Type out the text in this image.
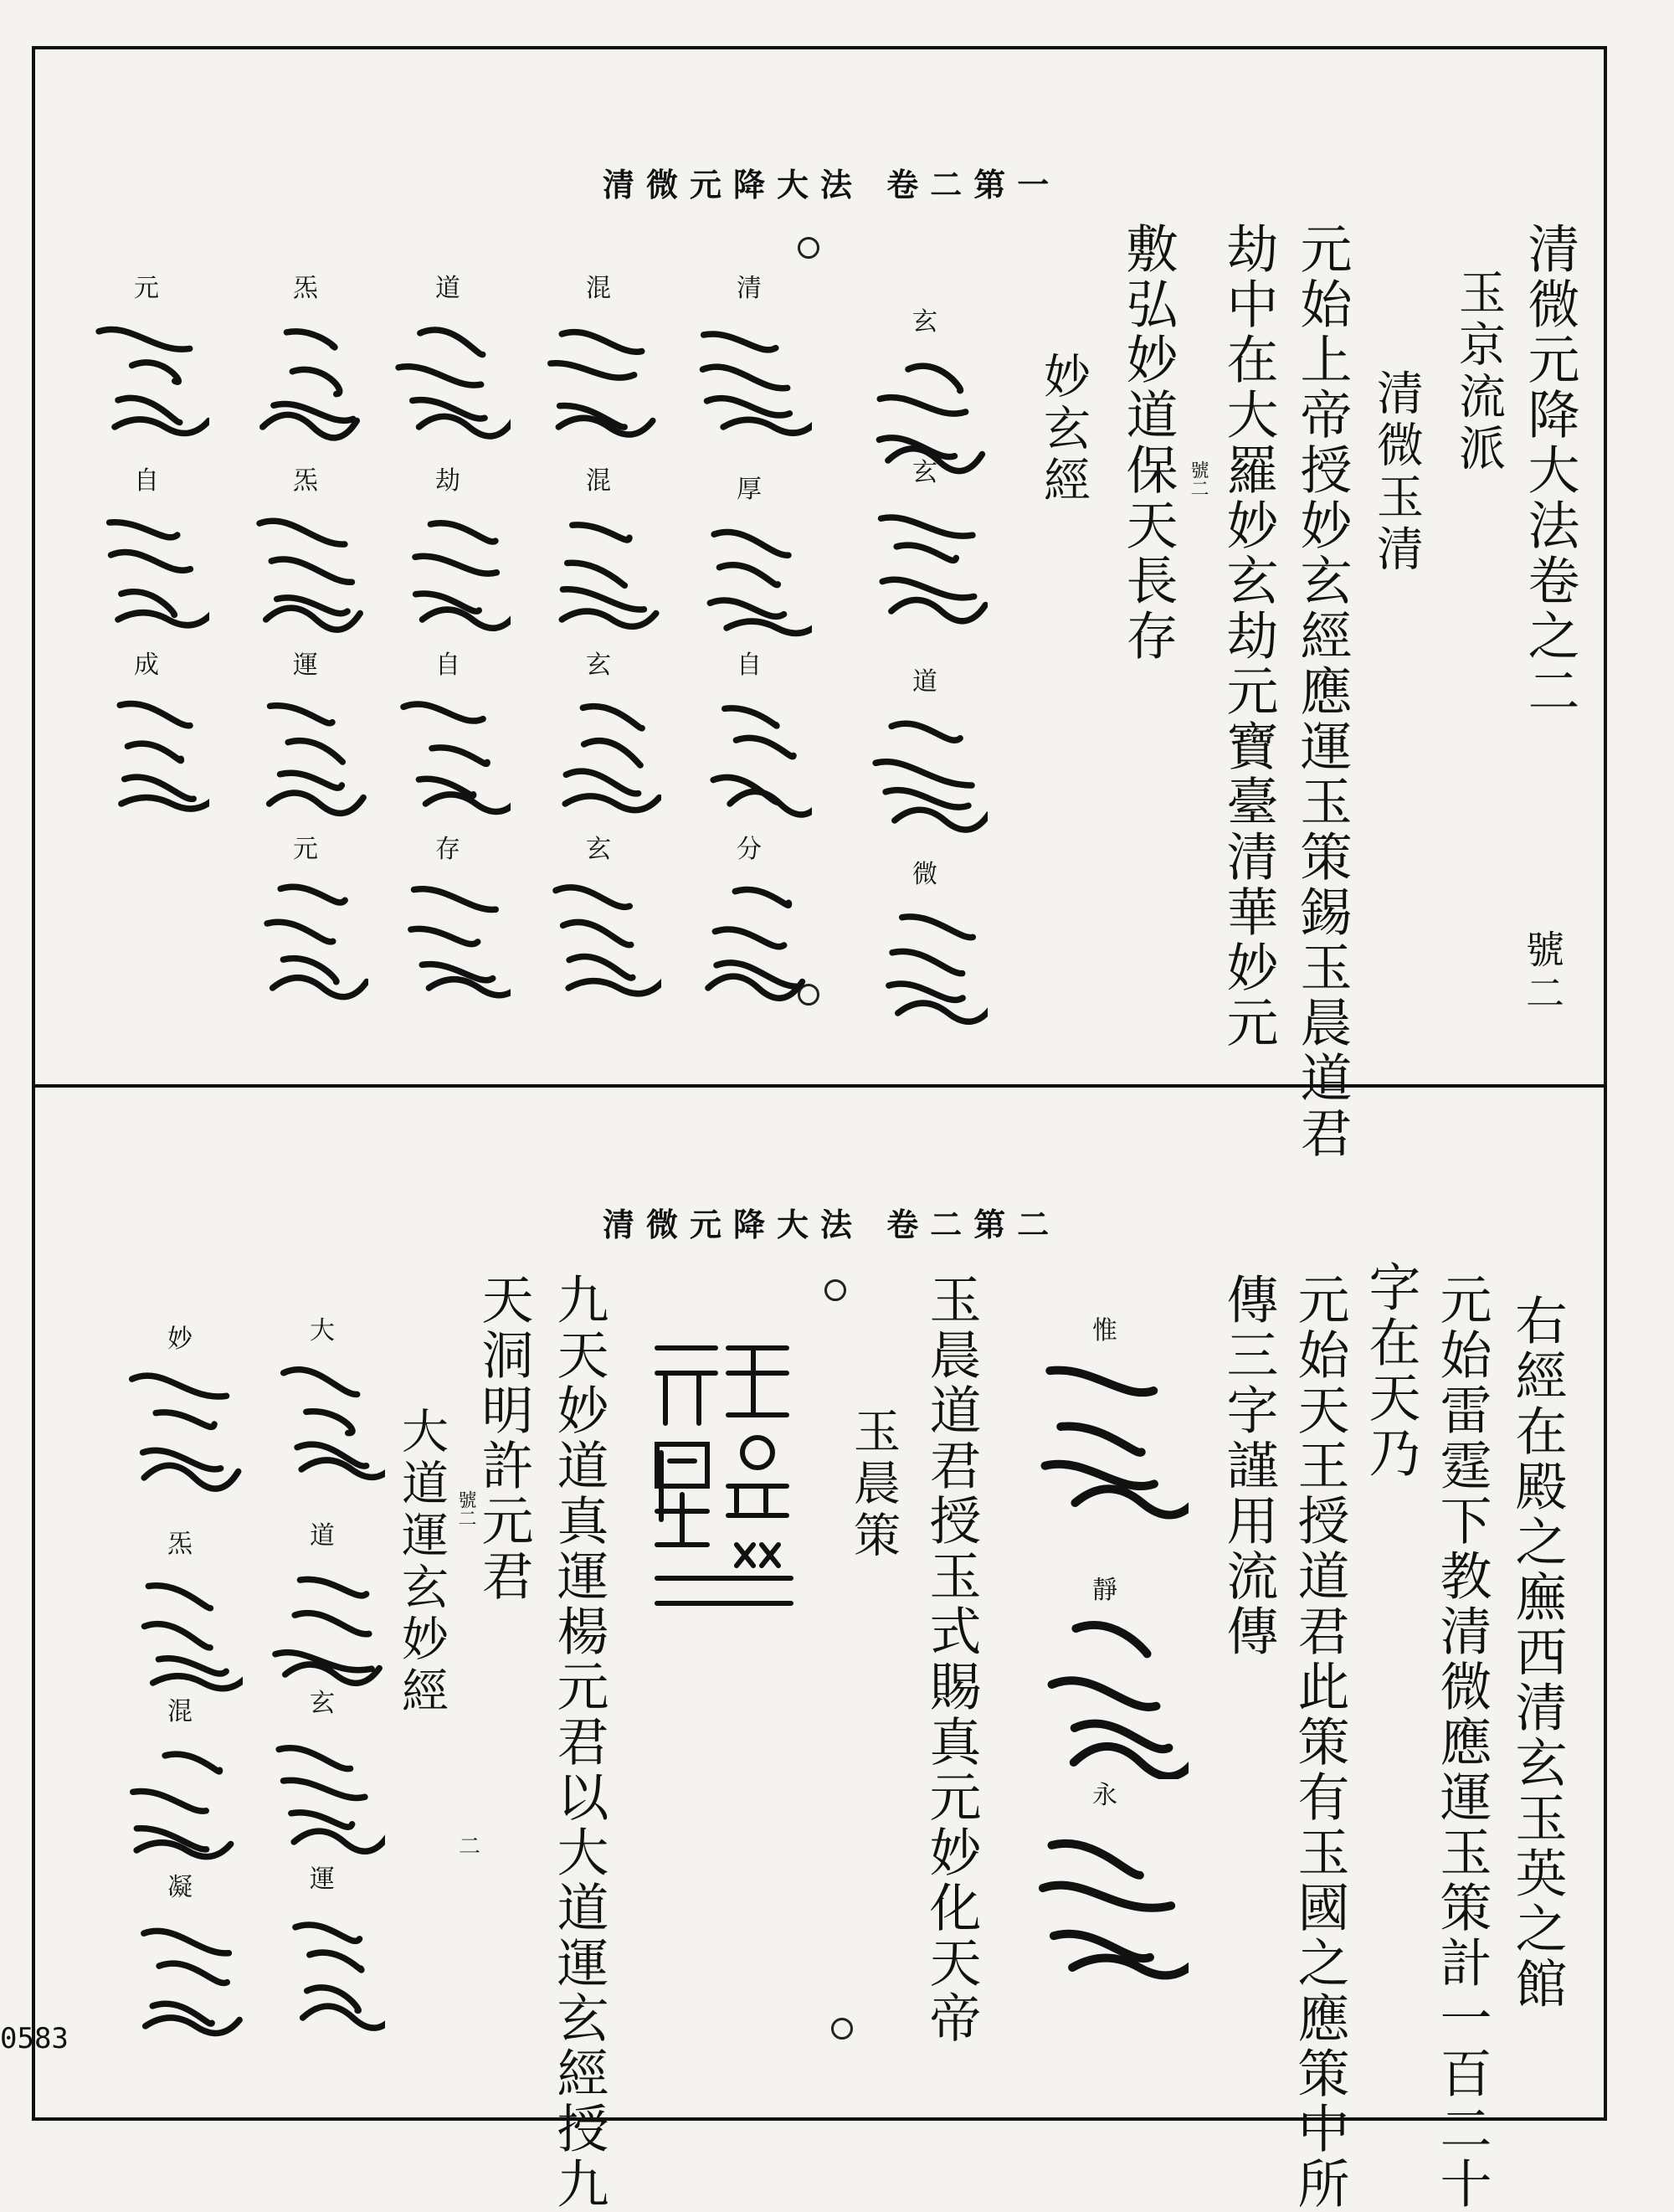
清微元降大法 卷二第一
清微元降大法卷之二
玉京流派
清微玉清
元始上帝授妙玄經應運玉策錫玉晨道君
劫中在大羅妙玄劫元寶臺清華妙元
號二
敷弘妙道保天長存
妙玄經
號二
玄
玄
道
微
清
厚
自
分
混
混
玄
玄
道
劫
自
存
炁
炁
運
元
元
自
成
清微元降大法 卷二第二
右經在殿之廡西清玄玉英之館
元始雷霆下教清微應運玉策計一百二十
字在天乃
元始天王授道君此策有玉國之應策中所
傳三字謹用流傳
玉晨道君授玉式賜真元妙化天帝
玉晨策
九天妙道真運楊元君以大道運玄經授九
天洞明許元君
號二
大道運玄妙經
二
惟
靜
永
大
道
玄
運
妙
炁
混
凝
0583
